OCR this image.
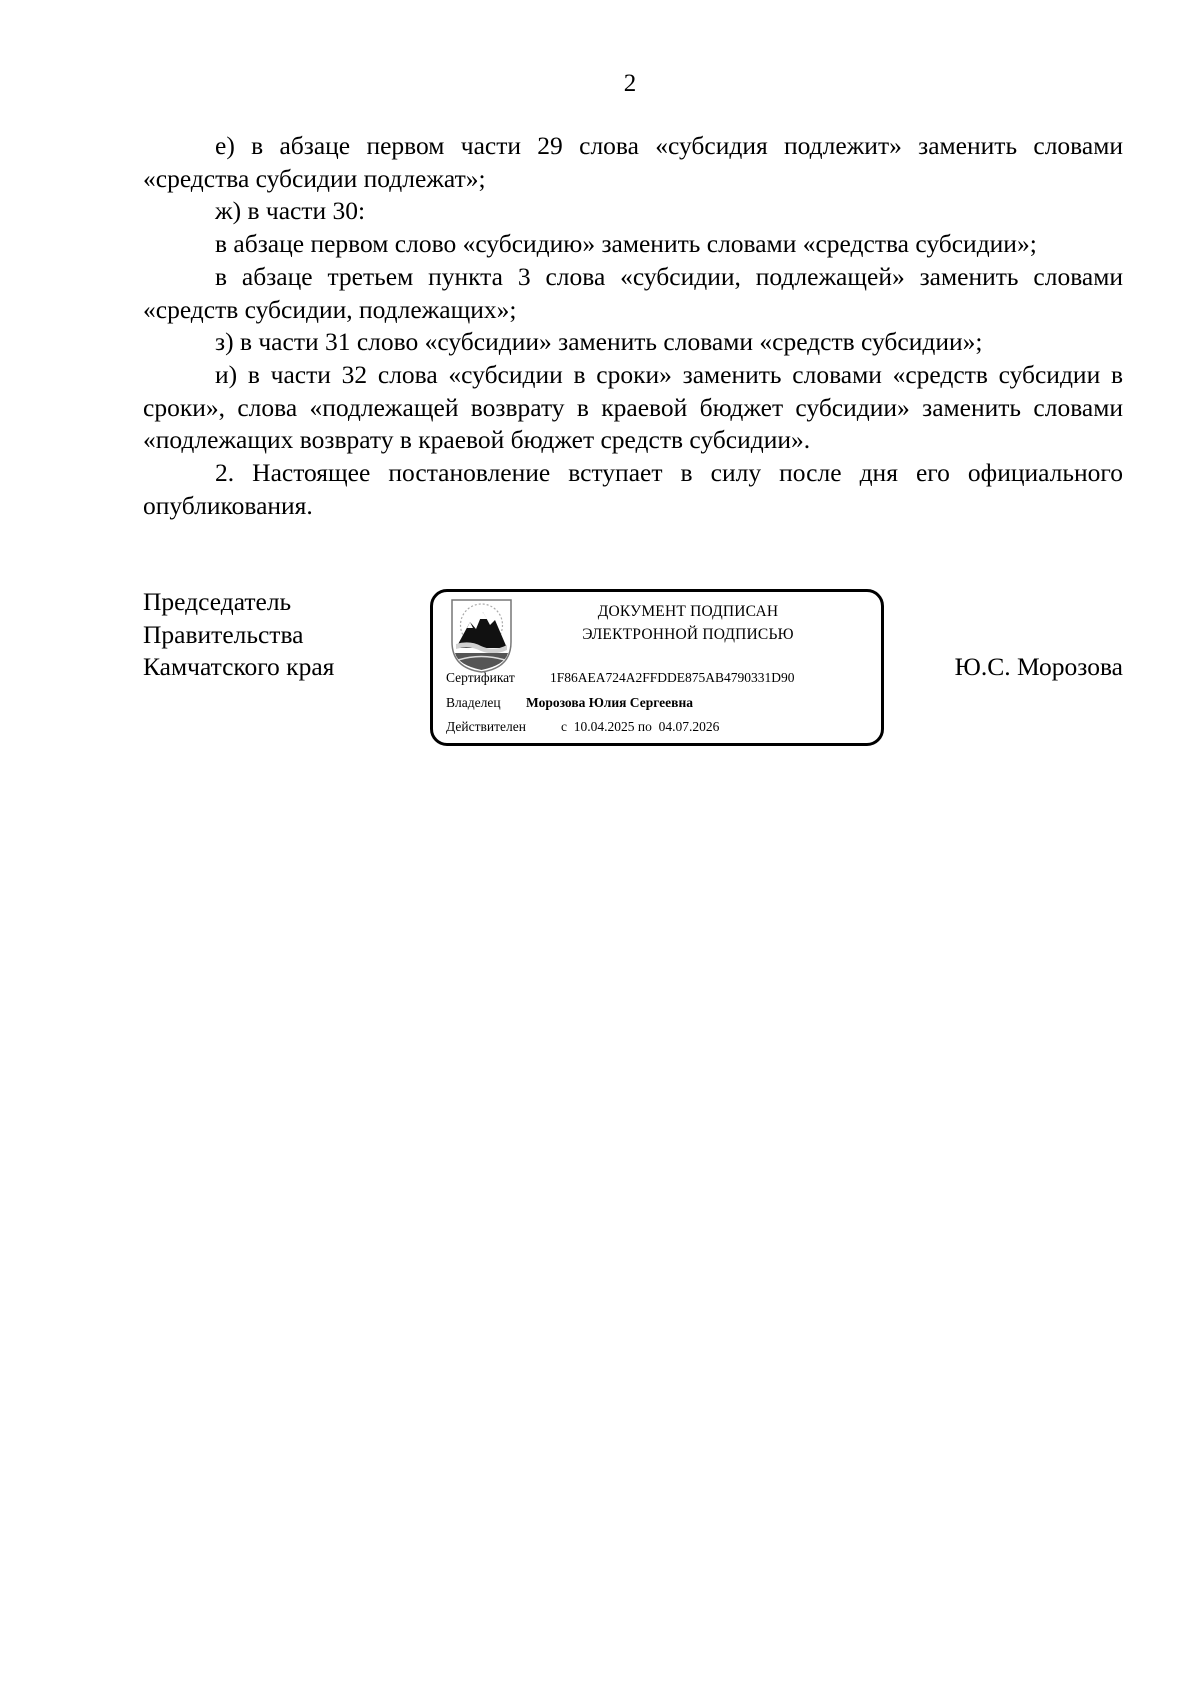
2

е) в абзаце первом части 29 слова «субсидия подлежит» заменить словами «средства субсидии подлежат»;

ж) в части 30:

в абзаце первом слово «субсидию» заменить словами «средства субсидии»;

в абзаце третьем пункта 3 слова «субсидии, подлежащей» заменить словами «средств субсидии, подлежащих»;

з) в части 31 слово «субсидии» заменить словами «средств субсидии»;

и) в части 32 слова «субсидии в сроки» заменить словами «средств субсидии в сроки», слова «подлежащей возврату в краевой бюджет субсидии» заменить словами «подлежащих возврату в краевой бюджет средств субсидии».

2. Настоящее постановление вступает в силу после дня его официального опубликования.

Председатель
Правительства
Камчатского края
ДОКУМЕНТ ПОДПИСАН
ЭЛЕКТРОННОЙ ПОДПИСЬЮ
Сертификат	1F86AEA724A2FFDDE875AB4790331D90
Владелец Морозова Юлия Сергеевна
Действителен	с  10.04.2025 по  04.07.2026
Ю.С. Морозова
